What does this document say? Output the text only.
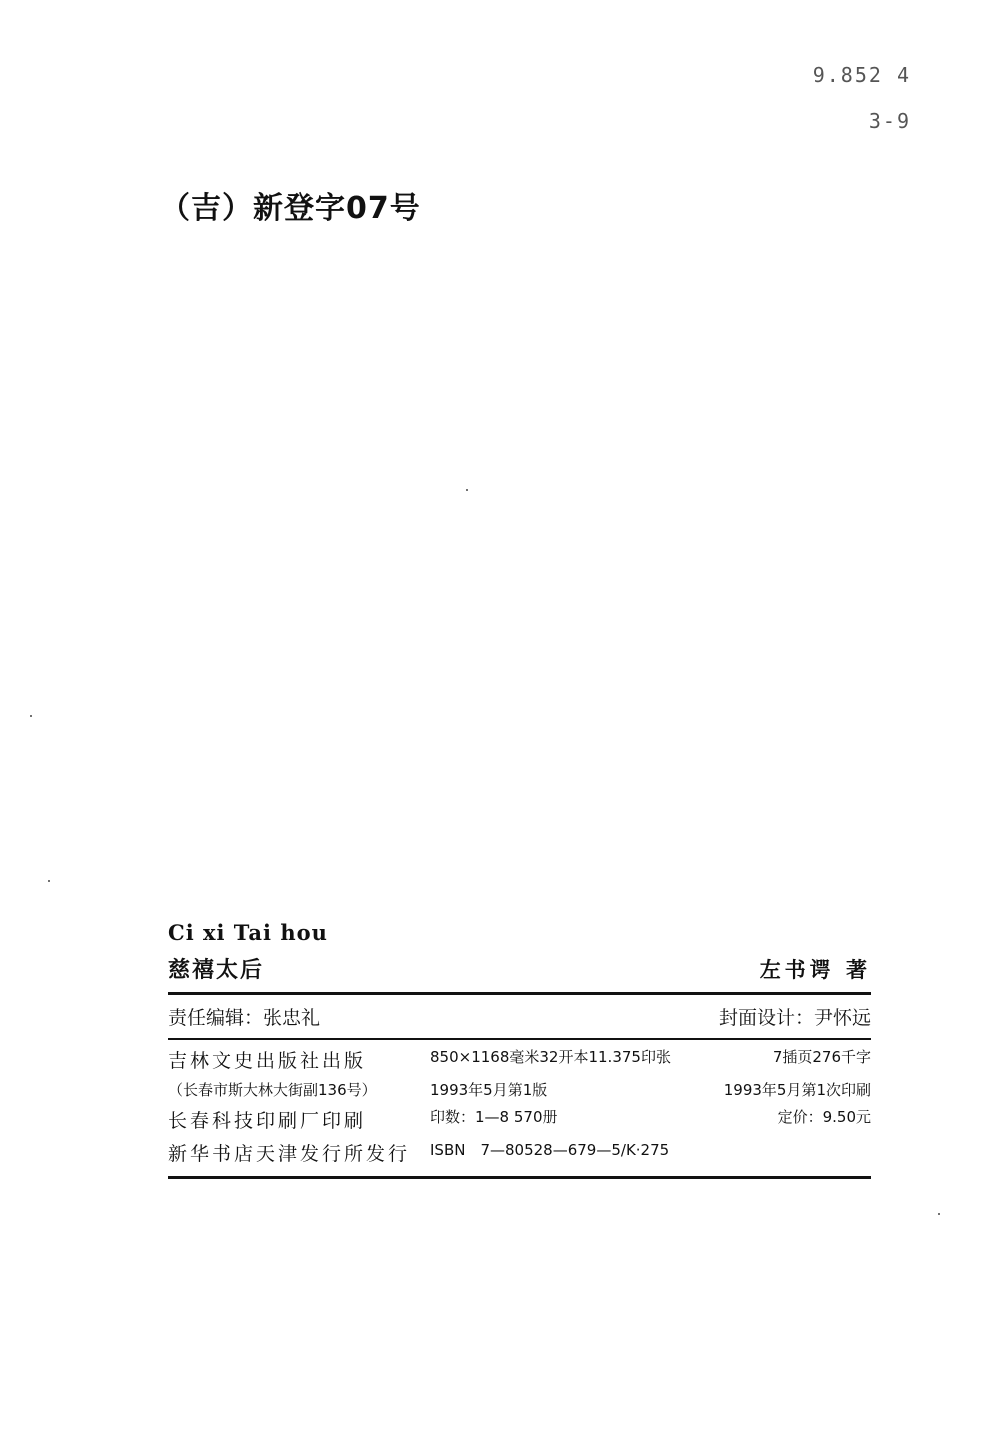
9.852 4
3-9
（吉）新登字07号
Ci xi Tai hou
慈禧太后	左书谔 著
责任编辑：张忠礼	封面设计：尹怀远
吉林文史出版社出版	850×1168毫米32开本11.375印张	7插页276千字
（长春市斯大林大街副136号）	1993年5月第1版	1993年5月第1次印刷
长春科技印刷厂印刷	印数：1—8 570册	定价：9.50元
新华书店天津发行所发行	ISBN　7—80528—679—5/K·275
